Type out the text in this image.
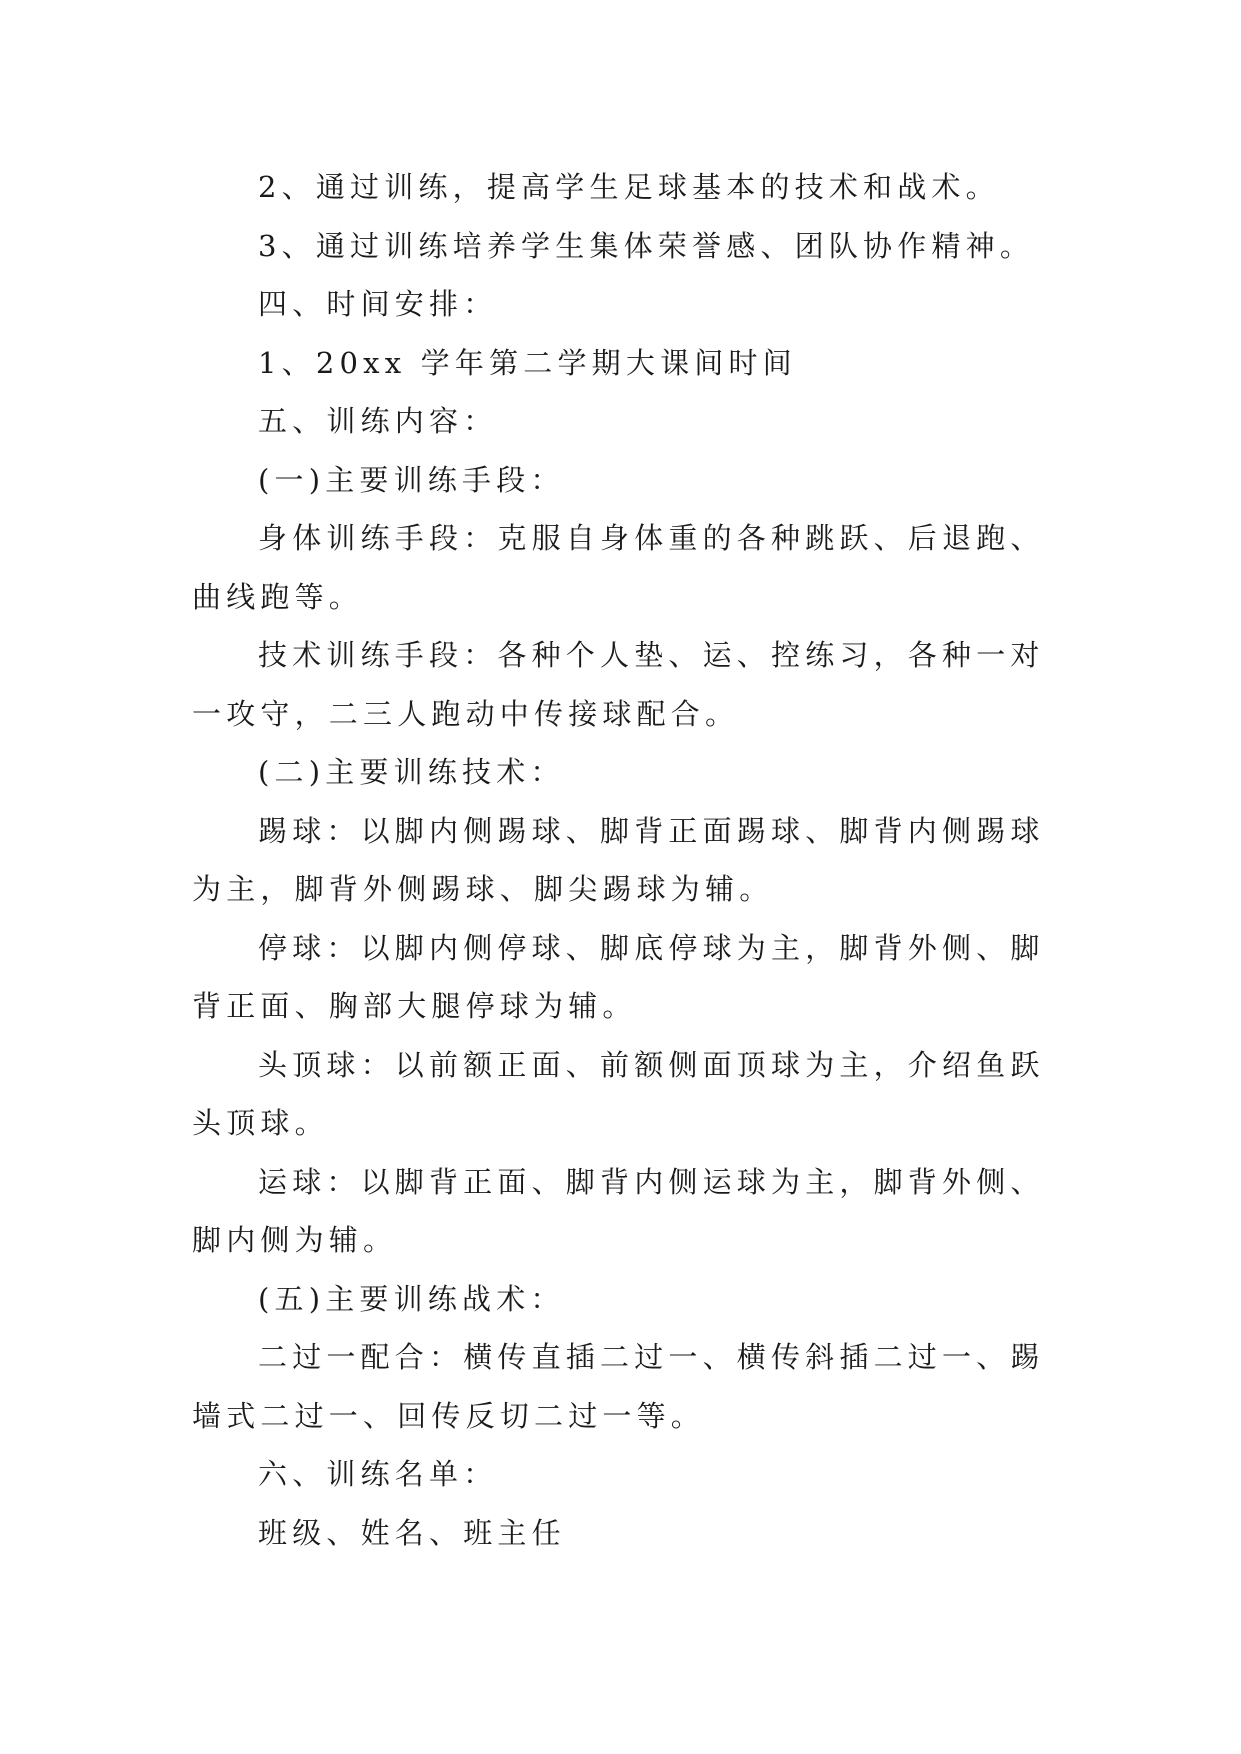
2、通过训练，提高学生足球基本的技术和战术。

3、通过训练培养学生集体荣誉感、团队协作精神。

四、时间安排：

1、20xx 学年第二学期大课间时间

五、训练内容：

(一)主要训练手段：

身体训练手段：克服自身体重的各种跳跃、后退跑、曲线跑等。

技术训练手段：各种个人垫、运、控练习，各种一对一攻守，二三人跑动中传接球配合。

(二)主要训练技术：

踢球：以脚内侧踢球、脚背正面踢球、脚背内侧踢球为主，脚背外侧踢球、脚尖踢球为辅。

停球：以脚内侧停球、脚底停球为主，脚背外侧、脚背正面、胸部大腿停球为辅。

头顶球：以前额正面、前额侧面顶球为主，介绍鱼跃头顶球。

运球：以脚背正面、脚背内侧运球为主，脚背外侧、脚内侧为辅。

(五)主要训练战术：

二过一配合：横传直插二过一、横传斜插二过一、踢墙式二过一、回传反切二过一等。

六、训练名单：

班级、姓名、班主任
